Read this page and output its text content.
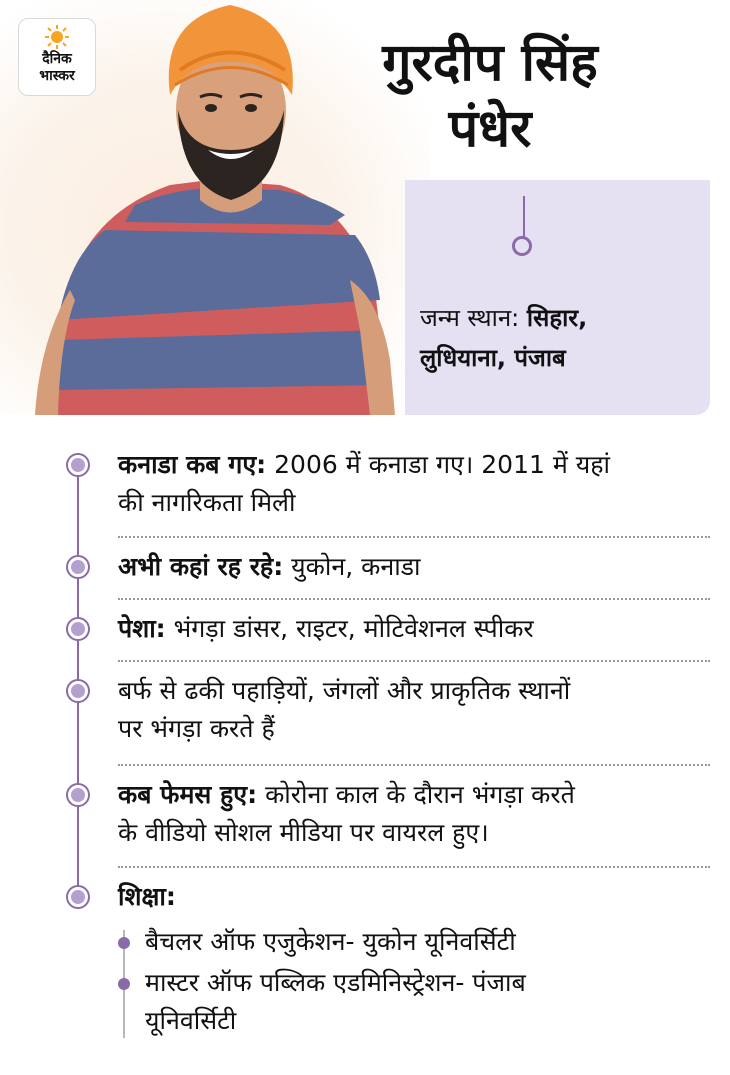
दैनिक
भास्कर	गुरदीप सिंह
पंधेर
जन्म स्थान: सिहार,
लुधियाना, पंजाब
कनाडा कब गए: 2006 में कनाडा गए। 2011 में यहां
की नागरिकता मिली
अभी कहां रह रहे: युकोन, कनाडा
पेशा: भंगड़ा डांसर, राइटर, मोटिवेशनल स्पीकर
बर्फ से ढकी पहाड़ियों, जंगलों और प्राकृतिक स्थानों
पर भंगड़ा करते हैं
कब फेमस हुए: कोरोना काल के दौरान भंगड़ा करते
के वीडियो सोशल मीडिया पर वायरल हुए।
शिक्षा:
बैचलर ऑफ एजुकेशन- युकोन यूनिवर्सिटी
मास्टर ऑफ पब्लिक एडमिनिस्ट्रेशन- पंजाब
यूनिवर्सिटी
